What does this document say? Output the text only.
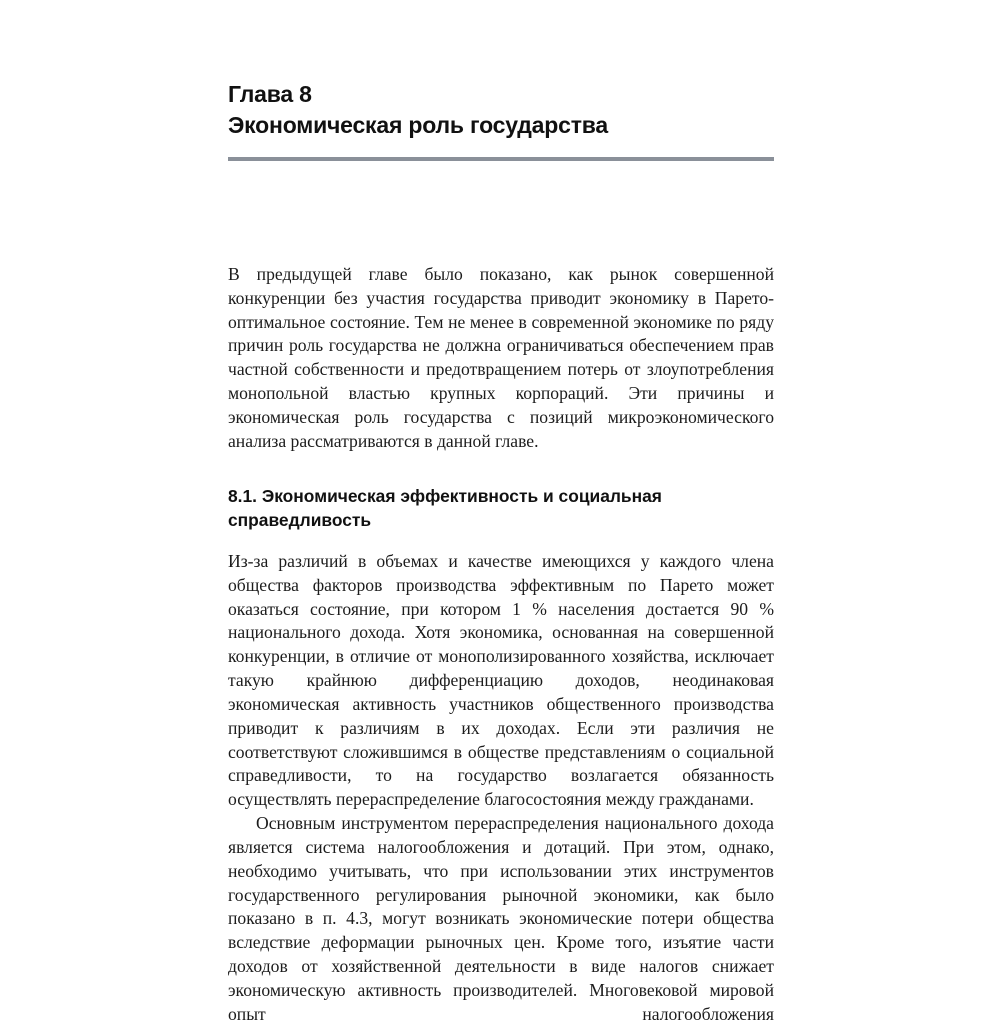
Глава 8
Экономическая роль государства
В предыдущей главе было показано, как рынок совершенной конкуренции без участия государства приводит экономику в Парето-оптимальное состояние. Тем не менее в современной экономике по ряду причин роль государства не должна ограничиваться обеспечением прав частной собственности и предотвращением потерь от злоупотребления монопольной властью крупных корпораций. Эти причины и экономическая роль государства с позиций микроэкономического анализа рассматриваются в данной главе.
8.1. Экономическая эффективность и социальная
справедливость

Из-за различий в объемах и качестве имеющихся у каждого члена общества факторов производства эффективным по Парето может оказаться состояние, при котором 1 % населения достается 90 % национального дохода. Хотя экономика, основанная на совершенной конкуренции, в отличие от монополизированного хозяйства, исключает такую крайнюю дифференциацию доходов, неодинаковая экономическая активность участников общественного производства приводит к различиям в их доходах. Если эти различия не соответствуют сложившимся в обществе представлениям о социальной справедливости, то на государство возлагается обязанность осуществлять перераспределение благосостояния между гражданами.

Основным инструментом перераспределения национального дохода является система налогообложения и дотаций. При этом, однако, необходимо учитывать, что при использовании этих инструментов государственного регулирования рыночной экономики, как было показано в п. 4.3, могут возникать экономические потери общества вследствие деформации рыночных цен. Кроме того, изъятие части доходов от хозяйственной деятельности в виде налогов снижает экономическую активность производителей. Многовековой мировой опыт налогообложения
